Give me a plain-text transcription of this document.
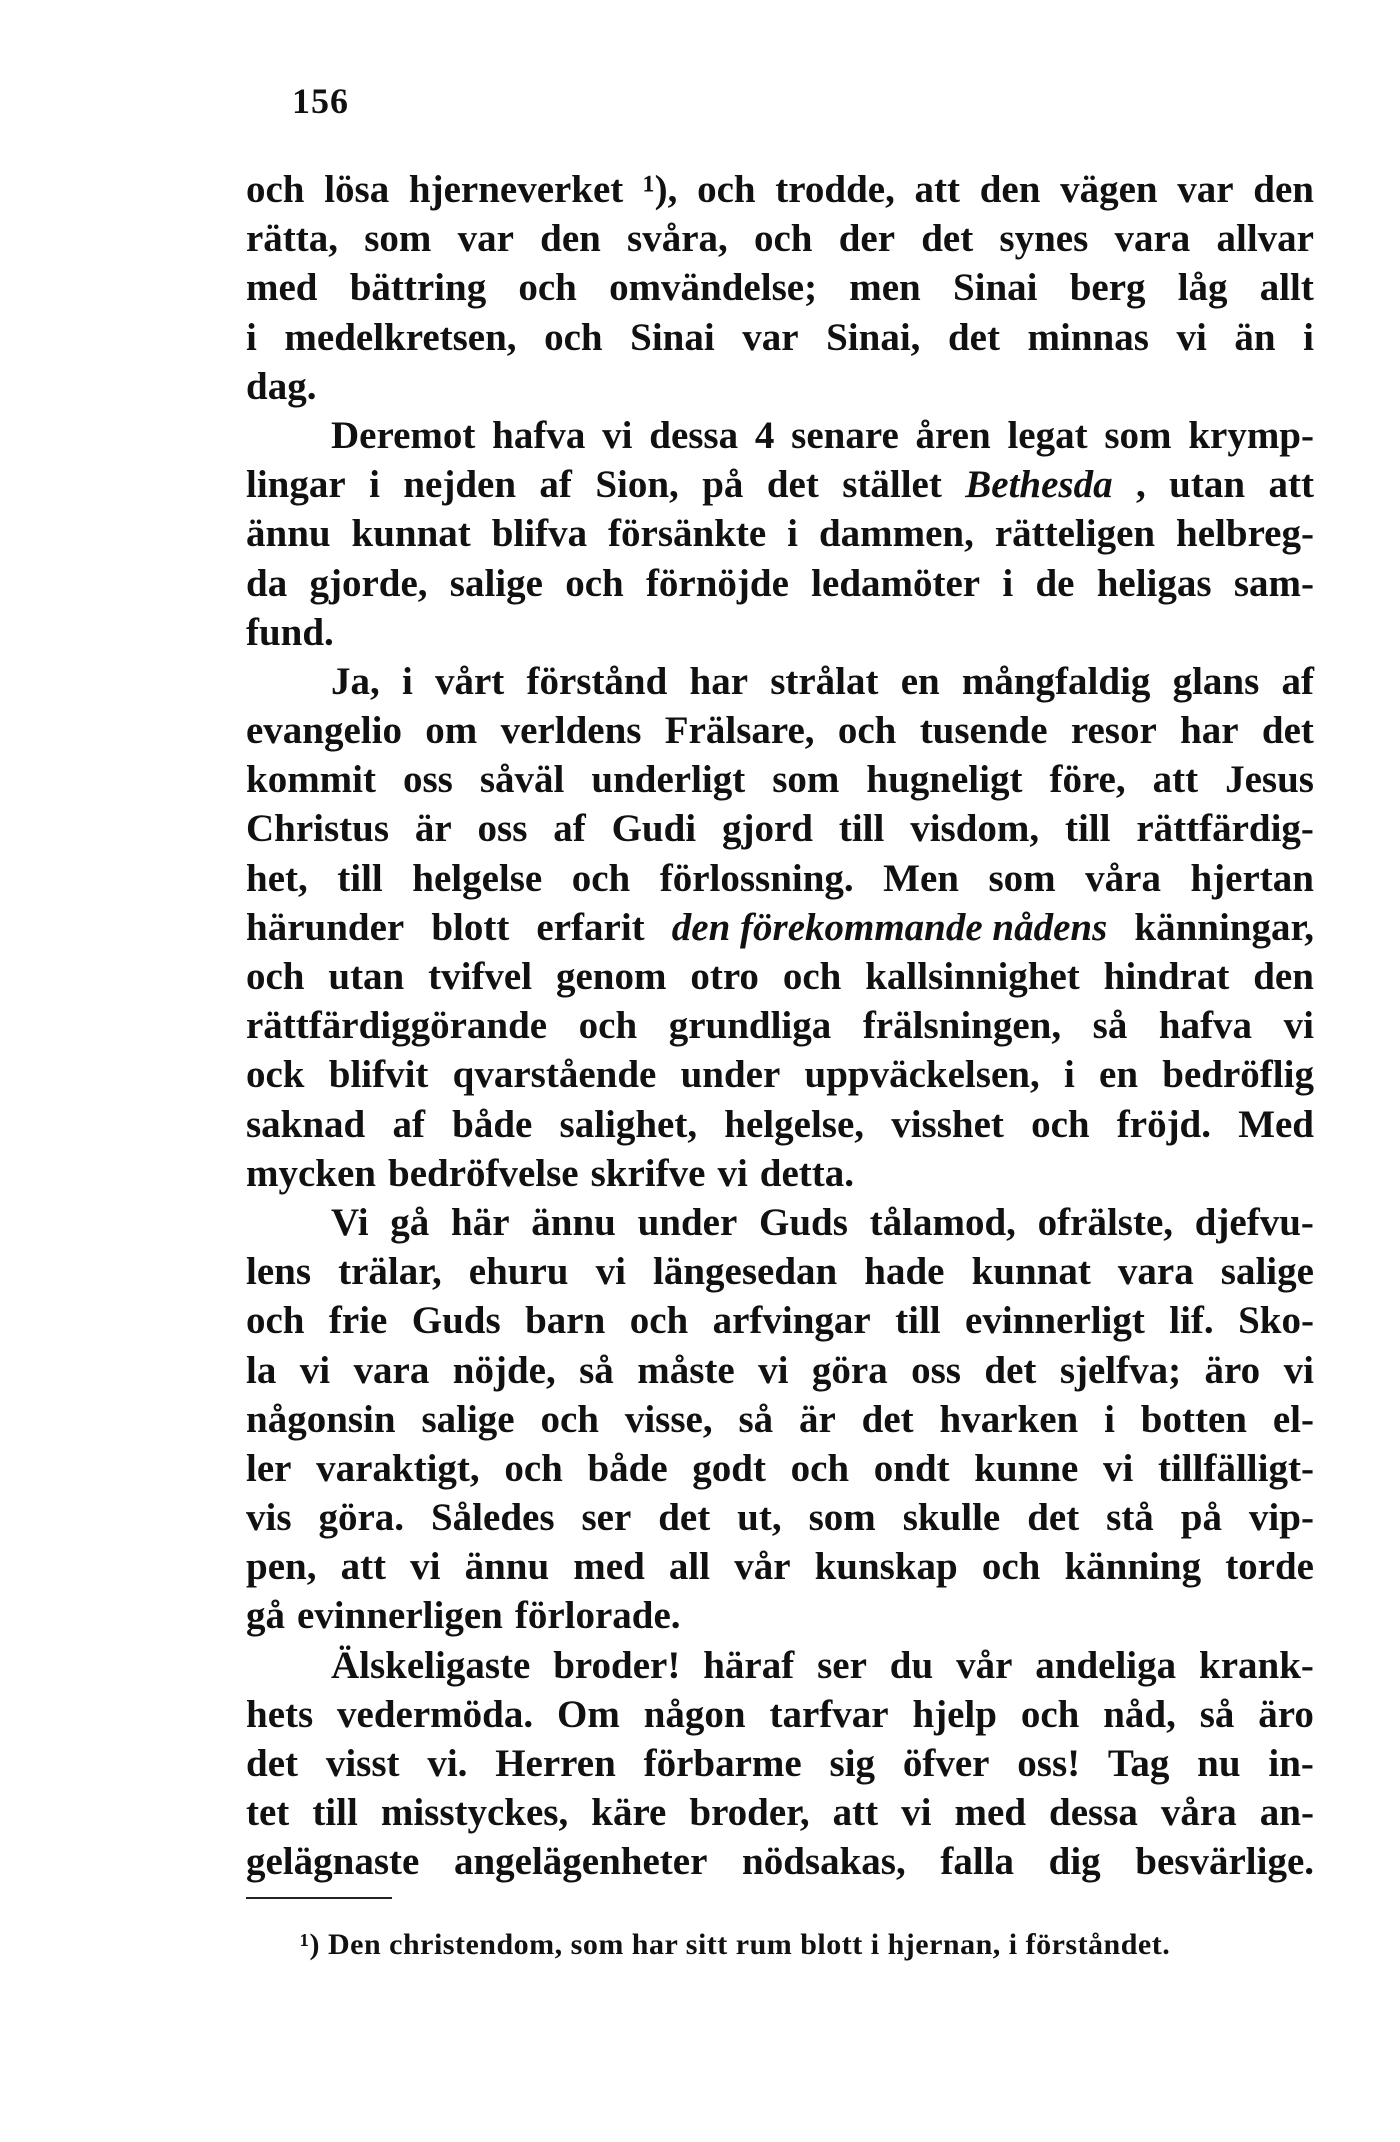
156
och lösa hjerneverket ¹), och trodde, att den vägen var den
rätta, som var den svåra, och der det synes vara allvar
med bättring och omvändelse; men Sinai berg låg allt
i medelkretsen, och Sinai var Sinai, det minnas vi än i
dag.
Deremot hafva vi dessa 4 senare åren legat som krymp-
lingar i nejden af Sion, på det stället Bethesda , utan att
ännu kunnat blifva försänkte i dammen, rätteligen helbreg-
da gjorde, salige och förnöjde ledamöter i de heligas sam-
fund.
Ja, i vårt förstånd har strålat en mångfaldig glans af
evangelio om verldens Frälsare, och tusende resor har det
kommit oss såväl underligt som hugneligt före, att Jesus
Christus är oss af Gudi gjord till visdom, till rättfärdig-
het, till helgelse och förlossning. Men som våra hjertan
härunder blott erfarit den förekommande nådens känningar,
och utan tvifvel genom otro och kallsinnighet hindrat den
rättfärdiggörande och grundliga frälsningen, så hafva vi
ock blifvit qvarstående under uppväckelsen, i en bedröflig
saknad af både salighet, helgelse, visshet och fröjd. Med
mycken bedröfvelse skrifve vi detta.
Vi gå här ännu under Guds tålamod, ofrälste, djefvu-
lens trälar, ehuru vi längesedan hade kunnat vara salige
och frie Guds barn och arfvingar till evinnerligt lif. Sko-
la vi vara nöjde, så måste vi göra oss det sjelfva; äro vi
någonsin salige och visse, så är det hvarken i botten el-
ler varaktigt, och både godt och ondt kunne vi tillfälligt-
vis göra. Således ser det ut, som skulle det stå på vip-
pen, att vi ännu med all vår kunskap och känning torde
gå evinnerligen förlorade.
Älskeligaste broder! häraf ser du vår andeliga krank-
hets vedermöda. Om någon tarfvar hjelp och nåd, så äro
det visst vi. Herren förbarme sig öfver oss! Tag nu in-
tet till misstyckes, käre broder, att vi med dessa våra an-
gelägnaste angelägenheter nödsakas, falla dig besvärlige.
¹) Den christendom, som har sitt rum blott i hjernan, i förståndet.
